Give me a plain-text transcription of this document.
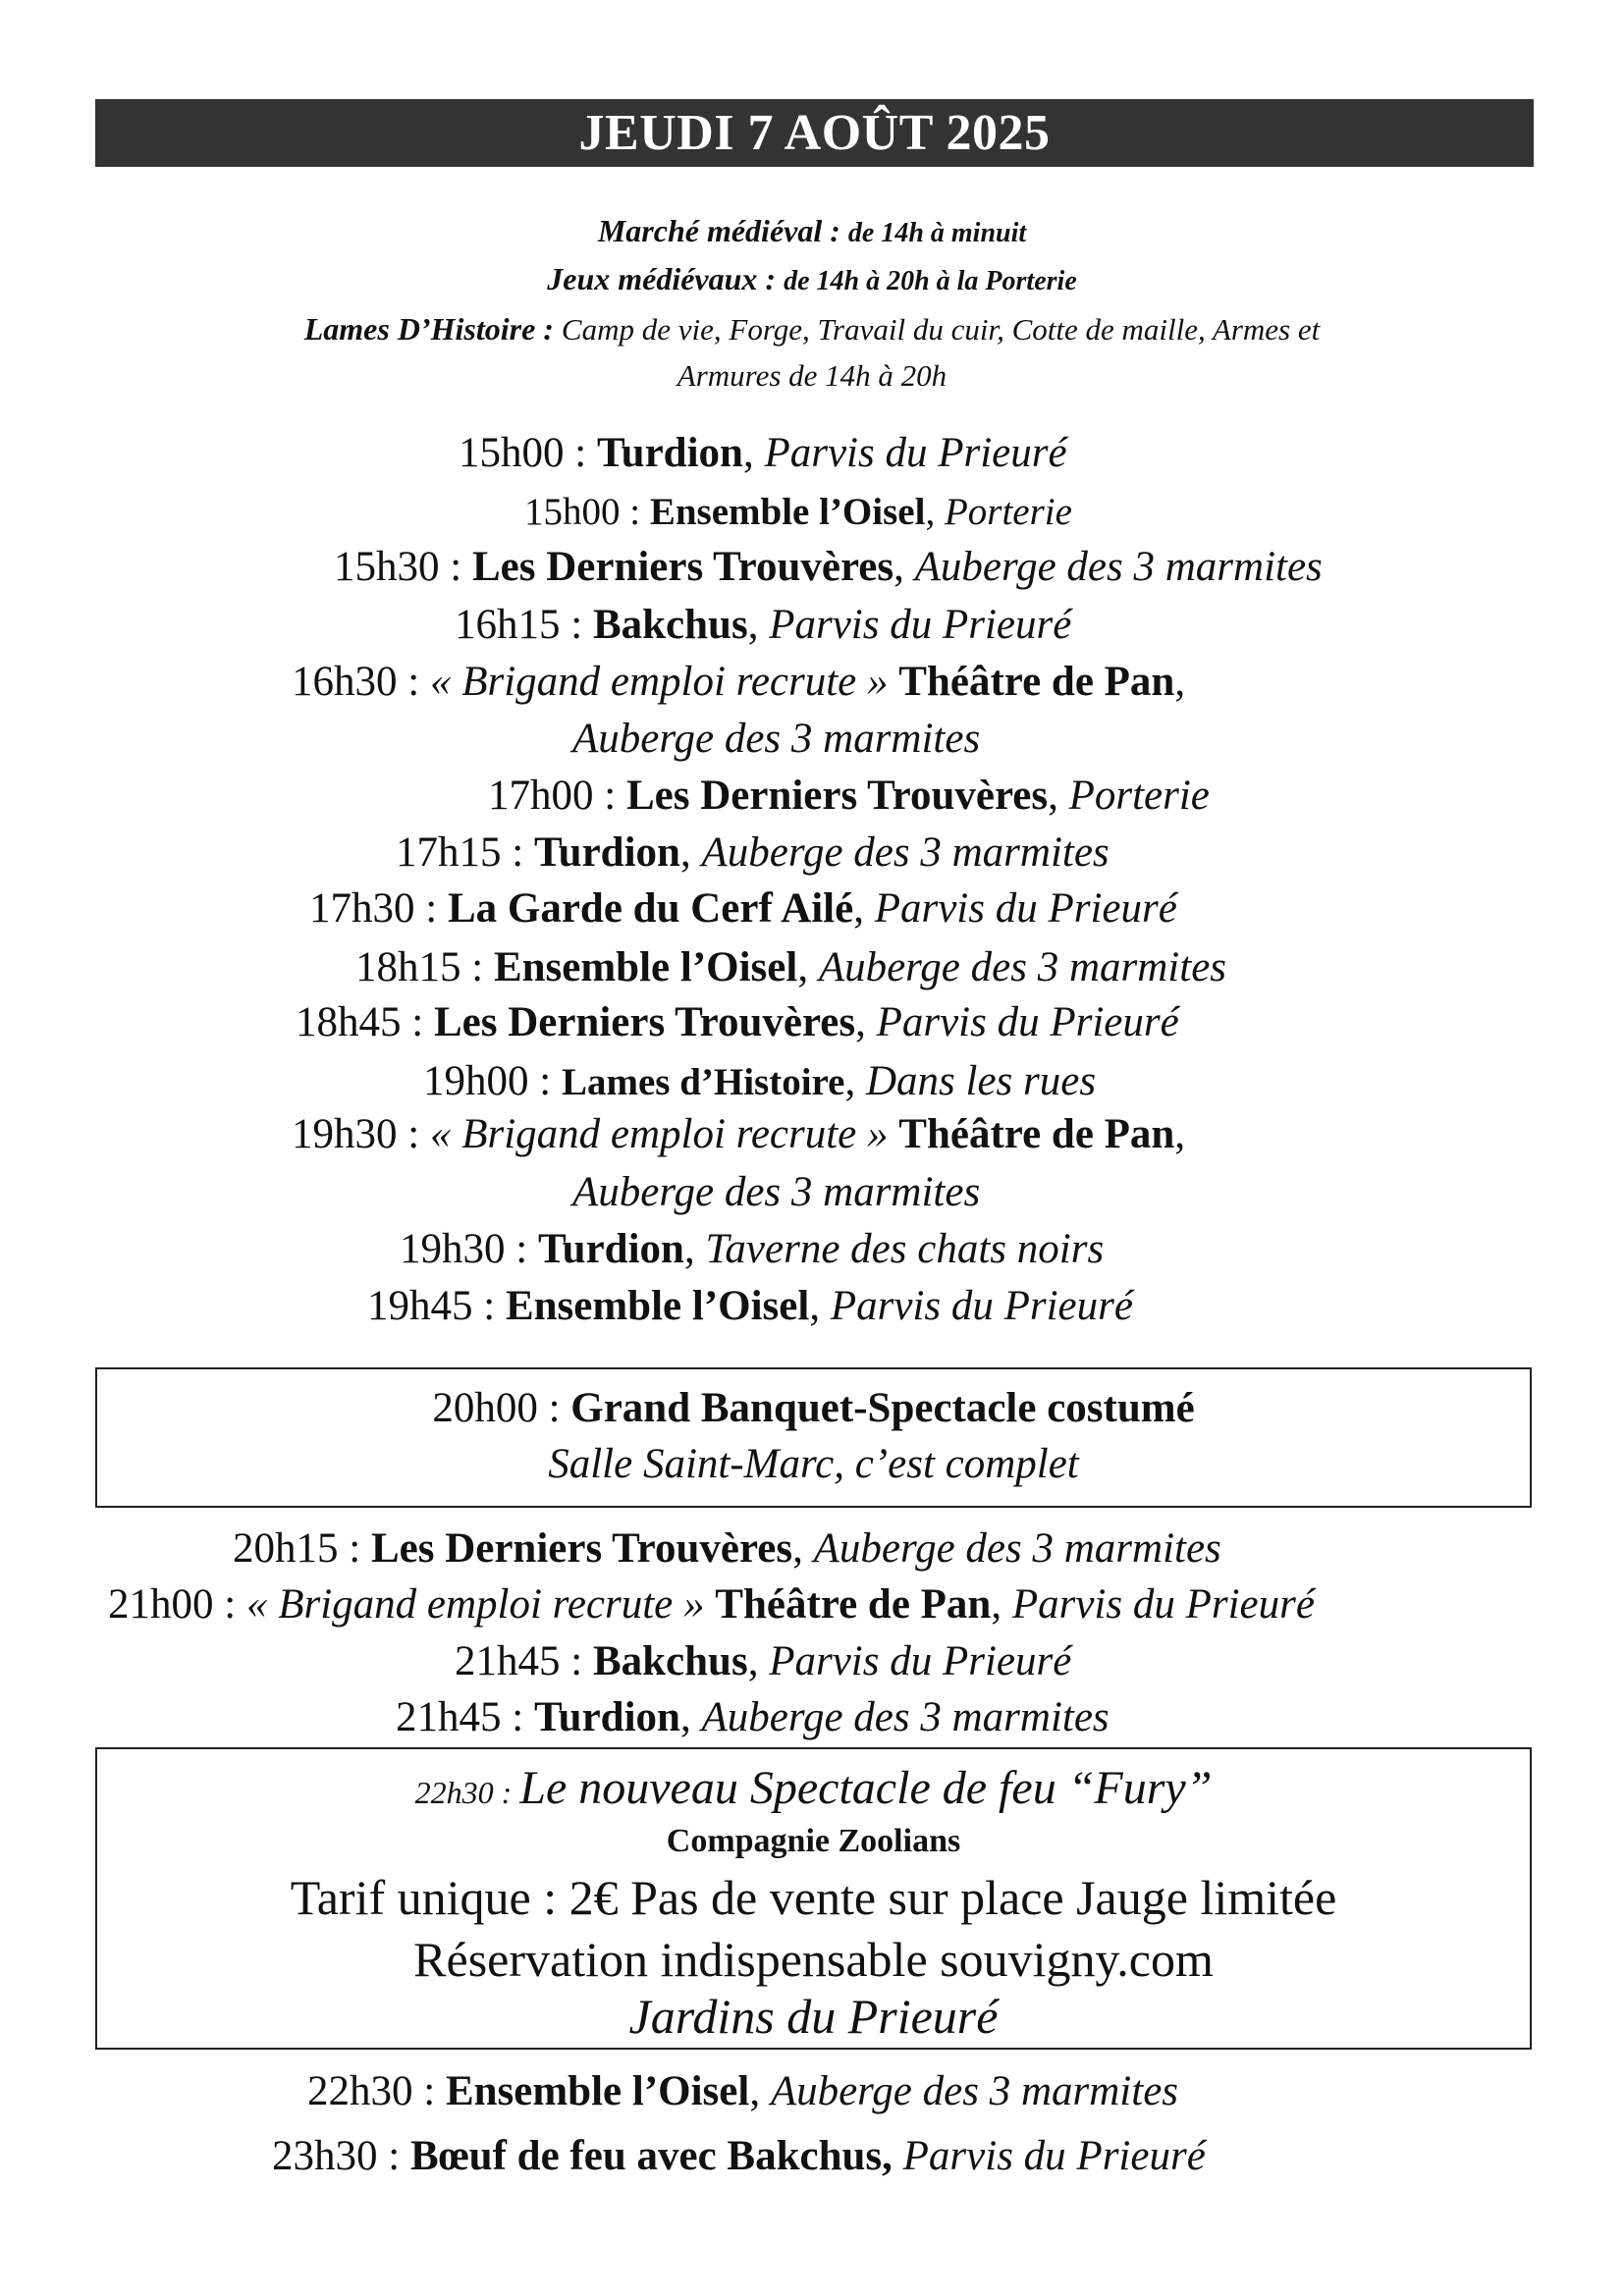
JEUDI 7 AOÛT 2025
Marché médiéval : de 14h à minuit
Jeux médiévaux : de 14h à 20h à la Porterie
Lames D’Histoire : Camp de vie, Forge, Travail du cuir, Cotte de maille, Armes et
Armures de 14h à 20h
15h00 : Turdion, Parvis du Prieuré
15h00 : Ensemble l’Oisel, Porterie
15h30 : Les Derniers Trouvères, Auberge des 3 marmites
16h15 : Bakchus, Parvis du Prieuré
16h30 : « Brigand emploi recrute » Théâtre de Pan,
Auberge des 3 marmites
17h00 : Les Derniers Trouvères, Porterie
17h15 : Turdion, Auberge des 3 marmites
17h30 : La Garde du Cerf Ailé, Parvis du Prieuré
18h15 : Ensemble l’Oisel, Auberge des 3 marmites
18h45 : Les Derniers Trouvères, Parvis du Prieuré
19h00 : Lames d’Histoire, Dans les rues
19h30 : « Brigand emploi recrute » Théâtre de Pan,
Auberge des 3 marmites
19h30 : Turdion, Taverne des chats noirs
19h45 : Ensemble l’Oisel, Parvis du Prieuré
20h00 : Grand Banquet-Spectacle costumé
Salle Saint-Marc, c’est complet
20h15 : Les Derniers Trouvères, Auberge des 3 marmites
21h00 : « Brigand emploi recrute » Théâtre de Pan, Parvis du Prieuré
21h45 : Bakchus, Parvis du Prieuré
21h45 : Turdion, Auberge des 3 marmites
22h30 : Le nouveau Spectacle de feu “Fury”
Compagnie Zoolians
Tarif unique : 2€ Pas de vente sur place Jauge limitée
Réservation indispensable souvigny.com
Jardins du Prieuré
22h30 : Ensemble l’Oisel, Auberge des 3 marmites
23h30 : Bœuf de feu avec Bakchus, Parvis du Prieuré
